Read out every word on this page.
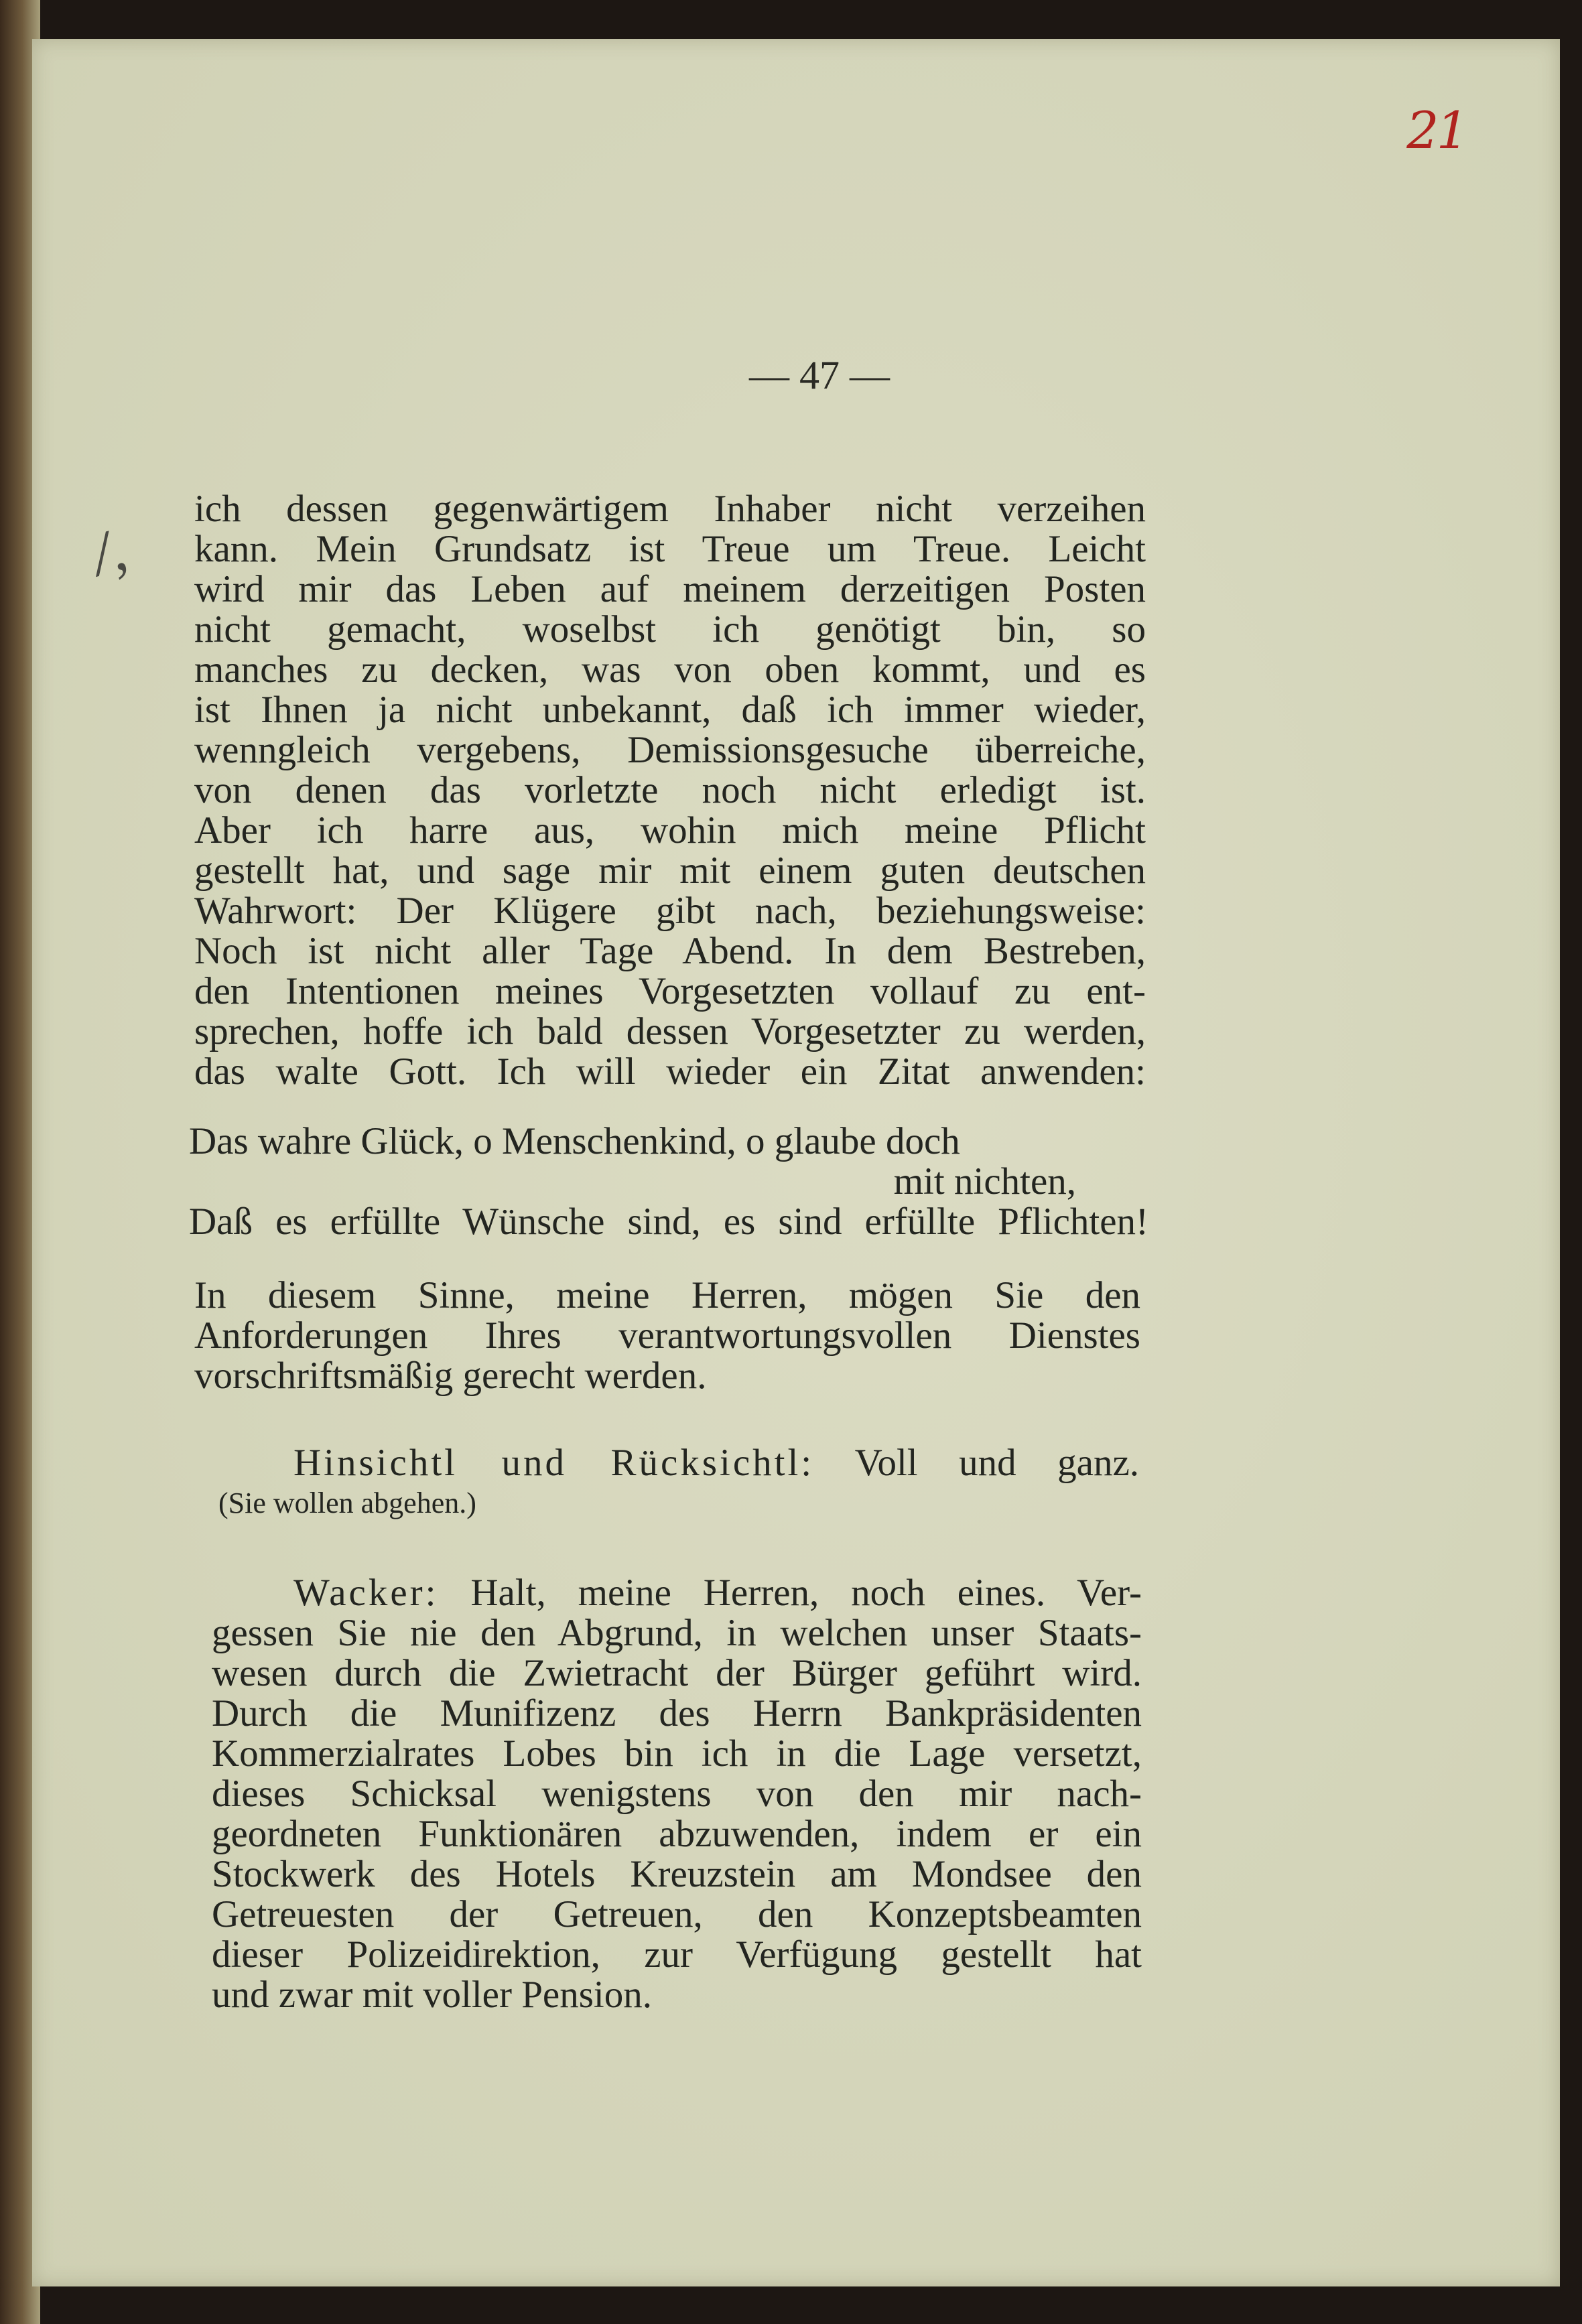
21
— 47 —
/,
ich dessen gegenwärtigem Inhaber nicht verzeihen
kann. Mein Grundsatz ist Treue um Treue. Leicht
wird mir das Leben auf meinem derzeitigen Posten
nicht gemacht, woselbst ich genötigt bin, so
manches zu decken, was von oben kommt, und es
ist Ihnen ja nicht unbekannt, daß ich immer wieder,
wenngleich vergebens, Demissionsgesuche überreiche,
von denen das vorletzte noch nicht erledigt ist.
Aber ich harre aus, wohin mich meine Pflicht
gestellt hat, und sage mir mit einem guten deutschen
Wahrwort: Der Klügere gibt nach, beziehungsweise:
Noch ist nicht aller Tage Abend. In dem Bestreben,
den Intentionen meines Vorgesetzten vollauf zu ent-
sprechen, hoffe ich bald dessen Vorgesetzter zu werden,
das walte Gott. Ich will wieder ein Zitat anwenden:
Das wahre Glück, o Menschenkind, o glaube doch
mit nichten,
Daß es erfüllte Wünsche sind, es sind erfüllte Pflichten!
In diesem Sinne, meine Herren, mögen Sie den
Anforderungen Ihres verantwortungsvollen Dienstes
vorschriftsmäßig gerecht werden.
Hinsichtl und Rücksichtl: Voll und ganz.
(Sie wollen abgehen.)
Wacker: Halt, meine Herren, noch eines. Ver-
gessen Sie nie den Abgrund, in welchen unser Staats-
wesen durch die Zwietracht der Bürger geführt wird.
Durch die Munifizenz des Herrn Bankpräsidenten
Kommerzialrates Lobes bin ich in die Lage versetzt,
dieses Schicksal wenigstens von den mir nach-
geordneten Funktionären abzuwenden, indem er ein
Stockwerk des Hotels Kreuzstein am Mondsee den
Getreuesten der Getreuen, den Konzeptsbeamten
dieser Polizeidirektion, zur Verfügung gestellt hat
und zwar mit voller Pension.
